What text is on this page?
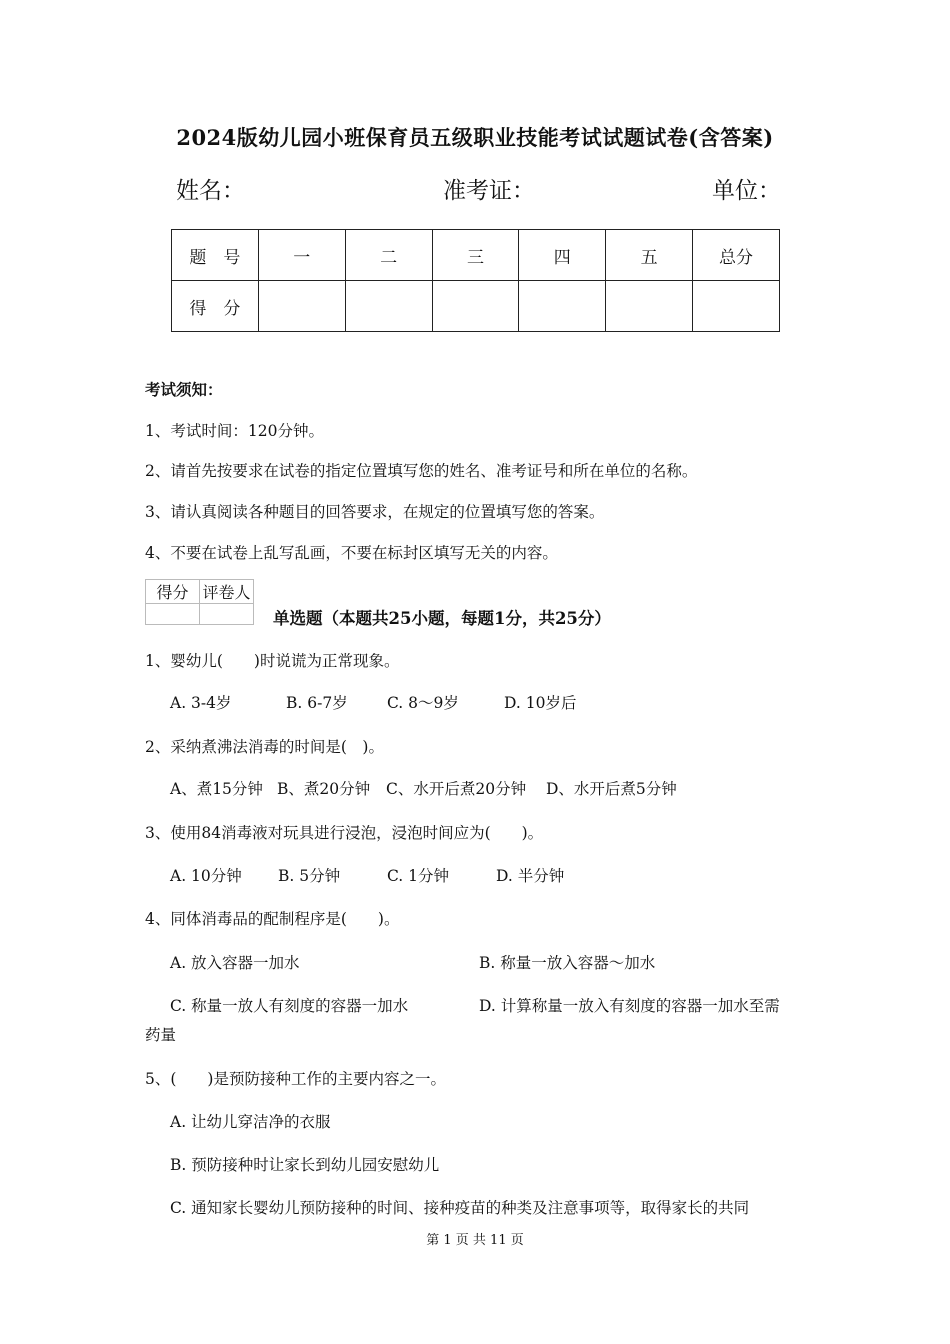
2024版幼儿园小班保育员五级职业技能考试试题试卷(含答案)
姓名：	准考证：	单位：
题　号	一	二	三	四	五	总分
得　分						
考试须知：
1、考试时间：120分钟。
2、请首先按要求在试卷的指定位置填写您的姓名、准考证号和所在单位的名称。
3、请认真阅读各种题目的回答要求，在规定的位置填写您的答案。
4、不要在试卷上乱写乱画，不要在标封区填写无关的内容。
得分	评卷人

单选题（本题共25小题，每题1分，共25分）
1、婴幼儿(　　)时说谎为正常现象。
A. 3-4岁	B. 6-7岁	C. 8～9岁	D. 10岁后
2、采纳煮沸法消毒的时间是(　)。
A、煮15分钟 B、煮20分钟 C、水开后煮20分钟 D、水开后煮5分钟
3、使用84消毒液对玩具进行浸泡，浸泡时间应为(　　)。
A. 10分钟 B. 5分钟	C. 1分钟	D. 半分钟
4、同体消毒品的配制程序是(　　)。
A. 放入容器一加水	B. 称量一放入容器～加水
C. 称量一放人有刻度的容器一加水	D. 计算称量一放入有刻度的容器一加水至需
药量
5、(　　)是预防接种工作的主要内容之一。
A. 让幼儿穿洁净的衣服
B. 预防接种时让家长到幼儿园安慰幼儿
C. 通知家长婴幼儿预防接种的时间、接种疫苗的种类及注意事项等，取得家长的共同
第 1 页 共 11 页
